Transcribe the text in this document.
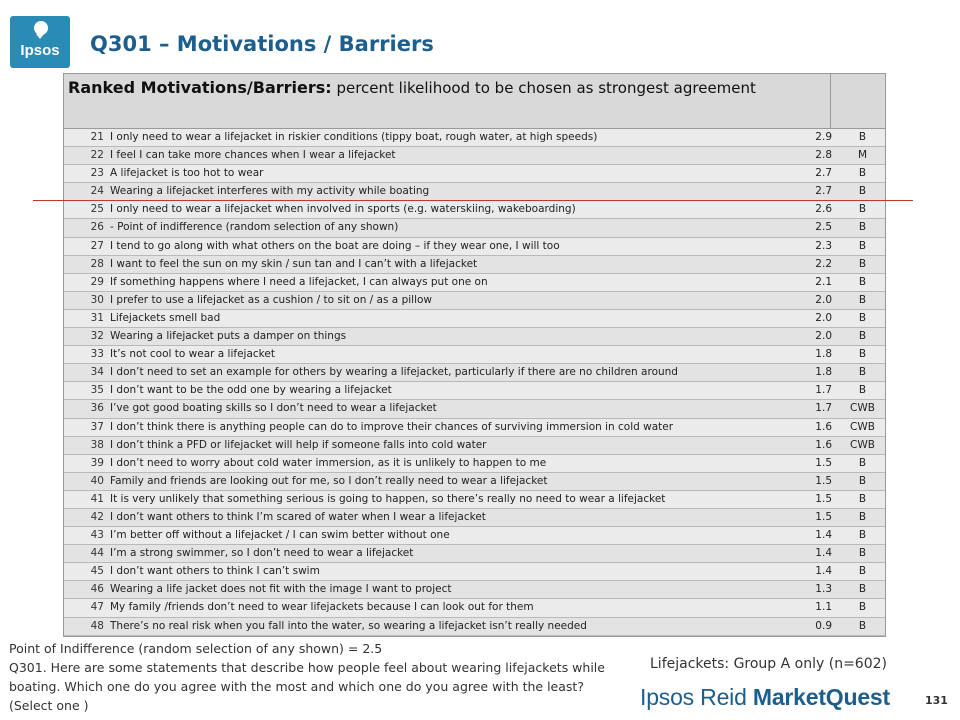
Ipsos	Q301 – Motivations / Barriers
Ranked Motivations/Barriers: percent likelihood to be chosen as strongest agreement
21 I only need to wear a lifejacket in riskier conditions (tippy boat, rough water, at high speeds)	2.9	B
22 I feel I can take more chances when I wear a lifejacket	2.8	M
23 A lifejacket is too hot to wear	2.7	B
24 Wearing a lifejacket interferes with my activity while boating	2.7	B
25 I only need to wear a lifejacket when involved in sports (e.g. waterskiing, wakeboarding)	2.6	B
26 - Point of indifference (random selection of any shown)	2.5	B
27 I tend to go along with what others on the boat are doing – if they wear one, I will too	2.3	B
28 I want to feel the sun on my skin / sun tan and I can’t with a lifejacket	2.2	B
29 If something happens where I need a lifejacket, I can always put one on	2.1	B
30 I prefer to use a lifejacket as a cushion / to sit on / as a pillow	2.0	B
31 Lifejackets smell bad	2.0	B
32 Wearing a lifejacket puts a damper on things	2.0	B
33 It’s not cool to wear a lifejacket	1.8	B
34 I don’t need to set an example for others by wearing a lifejacket, particularly if there are no children around	1.8	B
35 I don’t want to be the odd one by wearing a lifejacket	1.7	B
36 I’ve got good boating skills so I don’t need to wear a lifejacket	1.7	CWB
37 I don’t think there is anything people can do to improve their chances of surviving immersion in cold water	1.6	CWB
38 I don’t think a PFD or lifejacket will help if someone falls into cold water	1.6	CWB
39 I don’t need to worry about cold water immersion, as it is unlikely to happen to me	1.5	B
40 Family and friends are looking out for me, so I don’t really need to wear a lifejacket	1.5	B
41 It is very unlikely that something serious is going to happen, so there’s really no need to wear a lifejacket	1.5	B
42 I don’t want others to think I’m scared of water when I wear a lifejacket	1.5	B
43 I’m better off without a lifejacket / I can swim better without one	1.4	B
44 I’m a strong swimmer, so I don’t need to wear a lifejacket	1.4	B
45 I don’t want others to think I can’t swim	1.4	B
46 Wearing a life jacket does not fit with the image I want to project	1.3	B
47 My family /friends don’t need to wear lifejackets because I can look out for them	1.1	B
48 There’s no real risk when you fall into the water, so wearing a lifejacket isn’t really needed	0.9	B
Point of Indifference (random selection of any shown) = 2.5
Q301. Here are some statements that describe how people feel about wearing lifejackets while boating. Which one do you agree with the most and which one do you agree with the least? (Select one )
Lifejackets: Group A only (n=602)
Ipsos Reid MarketQuest	131
